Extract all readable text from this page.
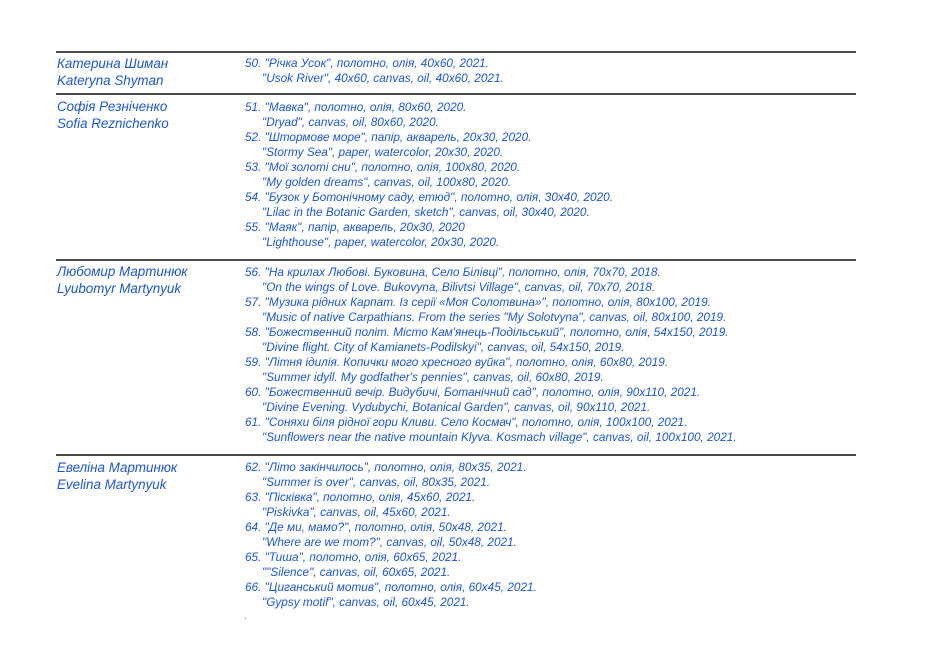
Катерина Шиман
Kateryna Shyman
50. "Річка Усок", полотно, олія, 40х60, 2021.
"Usok River", 40x60, canvas, oil, 40x60, 2021.
Софія Резніченко
Sofia Reznichenko
51. "Мавка", полотно, олія, 80х60, 2020.
"Dryad", canvas, oil, 80x60, 2020.
52. "Штормове море", папір, акварель, 20х30, 2020.
"Stormy Sea", paper, watercolor, 20x30, 2020.
53. "Мої золоті сни", полотно, олія, 100х80, 2020.
"My golden dreams", canvas, oil, 100x80, 2020.
54. "Бузок у Ботонічному саду, етюд", полотно, олія, 30х40, 2020.
"Lilac in the Botanic Garden, sketch", canvas, oil, 30x40, 2020.
55. "Маяк", папір, акварель, 20х30, 2020
"Lighthouse", paper, watercolor, 20x30, 2020.
Любомир Мартинюк
Lyubomyr Martynyuk
56. "На крилах Любові. Буковина, Село Білівці", полотно, олія, 70х70, 2018.
"On the wings of Love. Bukovyna, Bilivtsi Village", canvas, oil, 70x70, 2018.
57. "Музика рідних Карпат. Із серії «Моя Солотвина»", полотно, олія, 80х100, 2019.
"Music of native Carpathians. From the series "My Solotvyna", canvas, oil, 80x100, 2019.
58. "Божественний політ. Місто Кам'янець-Подільський", полотно, олія, 54х150, 2019.
"Divine flight. City of Kamianets-Podilskyi", canvas, oil, 54x150, 2019.
59. "Літня ідилія. Копички мого хресного вуйка", полотно, олія, 60х80, 2019.
"Summer idyll. My godfather's pennies", canvas, oil, 60x80, 2019.
60. "Божественний вечір. Видубичі, Ботанічний сад", полотно, олія, 90х110, 2021.
"Divine Evening. Vydubychi, Botanical Garden", canvas, oil, 90x110, 2021.
61. "Соняхи біля рідної гори Кливи. Село Космач", полотно, олія, 100х100, 2021.
"Sunflowers near the native mountain Klyva. Kosmach village", canvas, oil, 100x100, 2021.
Евеліна Мартинюк
Evelina Martynyuk
62. "Літо закінчилось", полотно, олія, 80х35, 2021.
"Summer is over", canvas, oil, 80x35, 2021.
63. "Пісківка", полотно, олія, 45х60, 2021.
"Piskivka", canvas, oil, 45x60, 2021.
64. "Де ми, мамо?", полотно, олія, 50х48, 2021.
"Where are we mom?", canvas, oil, 50x48, 2021.
65. "Тиша", полотно, олія, 60х65, 2021.
""Silence", canvas, oil, 60x65, 2021.
66. "Циганський мотив", полотно, олія, 60х45, 2021.
"Gypsy motif", canvas, oil, 60x45, 2021.
.
